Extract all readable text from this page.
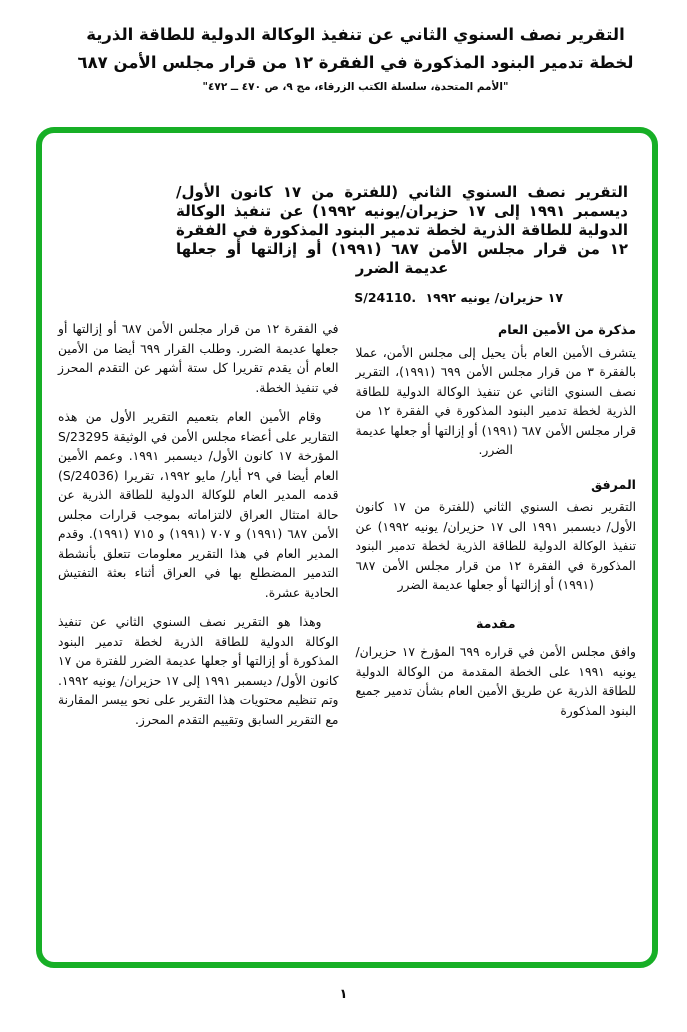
التقرير نصف السنوي الثاني عن تنفيذ الوكالة الدولية للطاقة الذرية
لخطة تدمير البنود المذكورة في الفقرة ١٢ من قرار مجلس الأمن ٦٨٧
"الأمم المتحدة، سلسلة الكتب الزرقاء، مج ٩، ص ٤٧٠ ــ ٤٧٢"
التقرير نصف السنوي الثاني (للفترة من ١٧ كانون الأول/ ديسمبر ١٩٩١ إلى ١٧ حزيران/يونيه ١٩٩٢) عن تنفيذ الوكالة الدولية للطاقة الذرية لخطة تدمير البنود المذكورة في الفقرة ١٢ من قرار مجلس الأمن ٦٨٧ (١٩٩١) أو إزالتها أو جعلها عديمة الضرر
S/24110. ١٧ حزيران/ يونيه ١٩٩٢
مذكرة من الأمين العام

يتشرف الأمين العام بأن يحيل إلى مجلس الأمن، عملا بالفقرة ٣ من قرار مجلس الأمن ٦٩٩ (١٩٩١)، التقرير نصف السنوي الثاني عن تنفيذ الوكالة الدولية للطاقة الذرية لخطة تدمير البنود المذكورة في الفقرة ١٢ من قرار مجلس الأمن ٦٨٧ (١٩٩١) أو إزالتها أو جعلها عديمة الضرر.

المرفق

التقرير نصف السنوي الثاني (للفترة من ١٧ كانون الأول/ ديسمبر ١٩٩١ الى ١٧ حزيران/ يونيه ١٩٩٢) عن تنفيذ الوكالة الدولية للطاقة الذرية لخطة تدمير البنود المذكورة في الفقرة ١٢ من قرار مجلس الأمن ٦٨٧ (١٩٩١) أو إزالتها أو جعلها عديمة الضرر

مقدمة

وافق مجلس الأمن في قراره ٦٩٩ المؤرخ ١٧ حزيران/ يونيه ١٩٩١ على الخطة المقدمة من الوكالة الدولية للطاقة الذرية عن طريق الأمين العام بشأن تدمير جميع البنود المذكورة

في الفقرة ١٢ من قرار مجلس الأمن ٦٨٧ أو إزالتها أو جعلها عديمة الضرر. وطلب القرار ٦٩٩ أيضا من الأمين العام أن يقدم تقريرا كل ستة أشهر عن التقدم المحرز في تنفيذ الخطة.

وقام الأمين العام بتعميم التقرير الأول من هذه التقارير على أعضاء مجلس الأمن في الوثيقة S/23295 المؤرخة ١٧ كانون الأول/ ديسمبر ١٩٩١. وعمم الأمين العام أيضا في ٢٩ أيار/ مايو ١٩٩٢، تقريرا (S/24036) قدمه المدير العام للوكالة الدولية للطاقة الذرية عن حالة امتثال العراق لالتزاماته بموجب قرارات مجلس الأمن ٦٨٧ (١٩٩١) و ٧٠٧ (١٩٩١) و ٧١٥ (١٩٩١). وقدم المدير العام في هذا التقرير معلومات تتعلق بأنشطة التدمير المضطلع بها في العراق أثناء بعثة التفتيش الحادية عشرة.

وهذا هو التقرير نصف السنوي الثاني عن تنفيذ الوكالة الدولية للطاقة الذرية لخطة تدمير البنود المذكورة أو إزالتها أو جعلها عديمة الضرر للفترة من ١٧ كانون الأول/ ديسمبر ١٩٩١ إلى ١٧ حزيران/ يونيه ١٩٩٢. وتم تنظيم محتويات هذا التقرير على نحو ييسر المقارنة مع التقرير السابق وتقييم التقدم المحرز.

١
